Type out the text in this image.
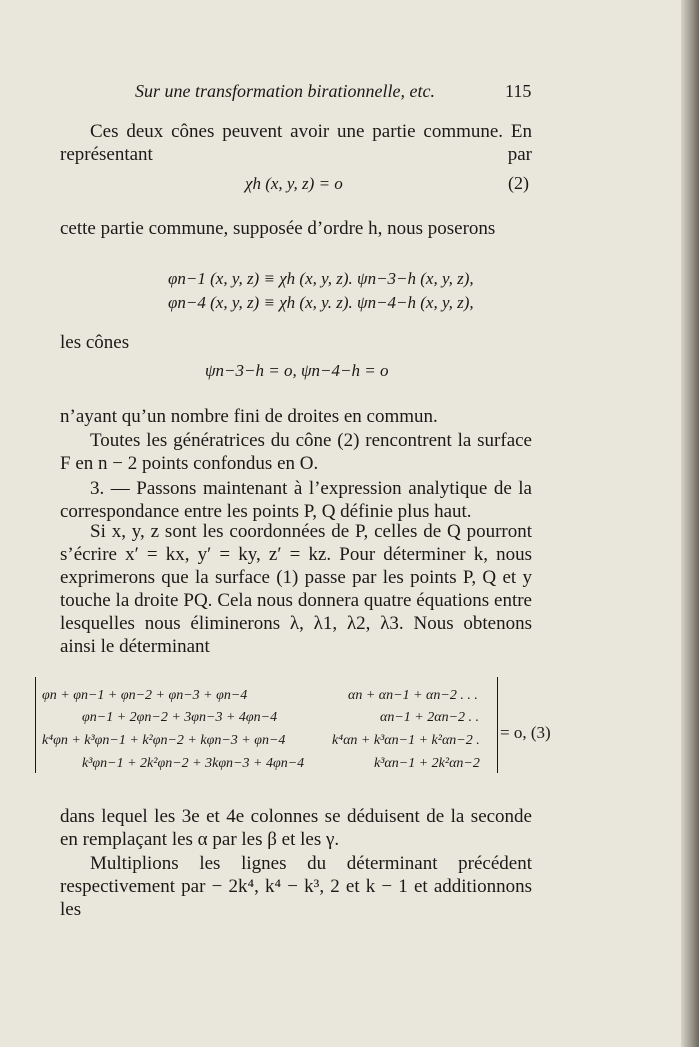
Sur une transformation birationnelle, etc.	115
Ces deux cônes peuvent avoir une partie commune. En représentant par
χh (x, y, z) = o	(2)
cette partie commune, supposée d’ordre h, nous poserons
φn−1 (x, y, z) ≡ χh (x, y, z). ψn−3−h (x, y, z),
φn−4 (x, y, z) ≡ χh (x, y. z). ψn−4−h (x, y, z),
les cônes
ψn−3−h = o, ψn−4−h = o
n’ayant qu’un nombre fini de droites en commun.
Toutes les génératrices du cône (2) rencontrent la surface F en n − 2 points confondus en O.
3. — Passons maintenant à l’expression analytique de la correspondance entre les points P, Q définie plus haut.
Si x, y, z sont les coordonnées de P, celles de Q pourront s’écrire x′ = kx, y′ = ky, z′ = kz. Pour déterminer k, nous exprimerons que la surface (1) passe par les points P, Q et y touche la droite PQ. Cela nous donnera quatre équations entre lesquelles nous éliminerons λ, λ1, λ2, λ3. Nous obtenons ainsi le déterminant
φn + φn−1 + φn−2 + φn−3 + φn−4
φn−1 + 2φn−2 + 3φn−3 + 4φn−4
k⁴φn + k³φn−1 + k²φn−2 + kφn−3 + φn−4
k³φn−1 + 2k²φn−2 + 3kφn−3 + 4φn−4
αn + αn−1 + αn−2 . . .
αn−1 + 2αn−2 . .
k⁴αn + k³αn−1 + k²αn−2 .
k³αn−1 + 2k²αn−2
= o, (3)
dans lequel les 3e et 4e colonnes se déduisent de la seconde en remplaçant les α par les β et les γ.
Multiplions les lignes du déterminant précédent respectivement par − 2k⁴, k⁴ − k³, 2 et k − 1 et additionnons les
